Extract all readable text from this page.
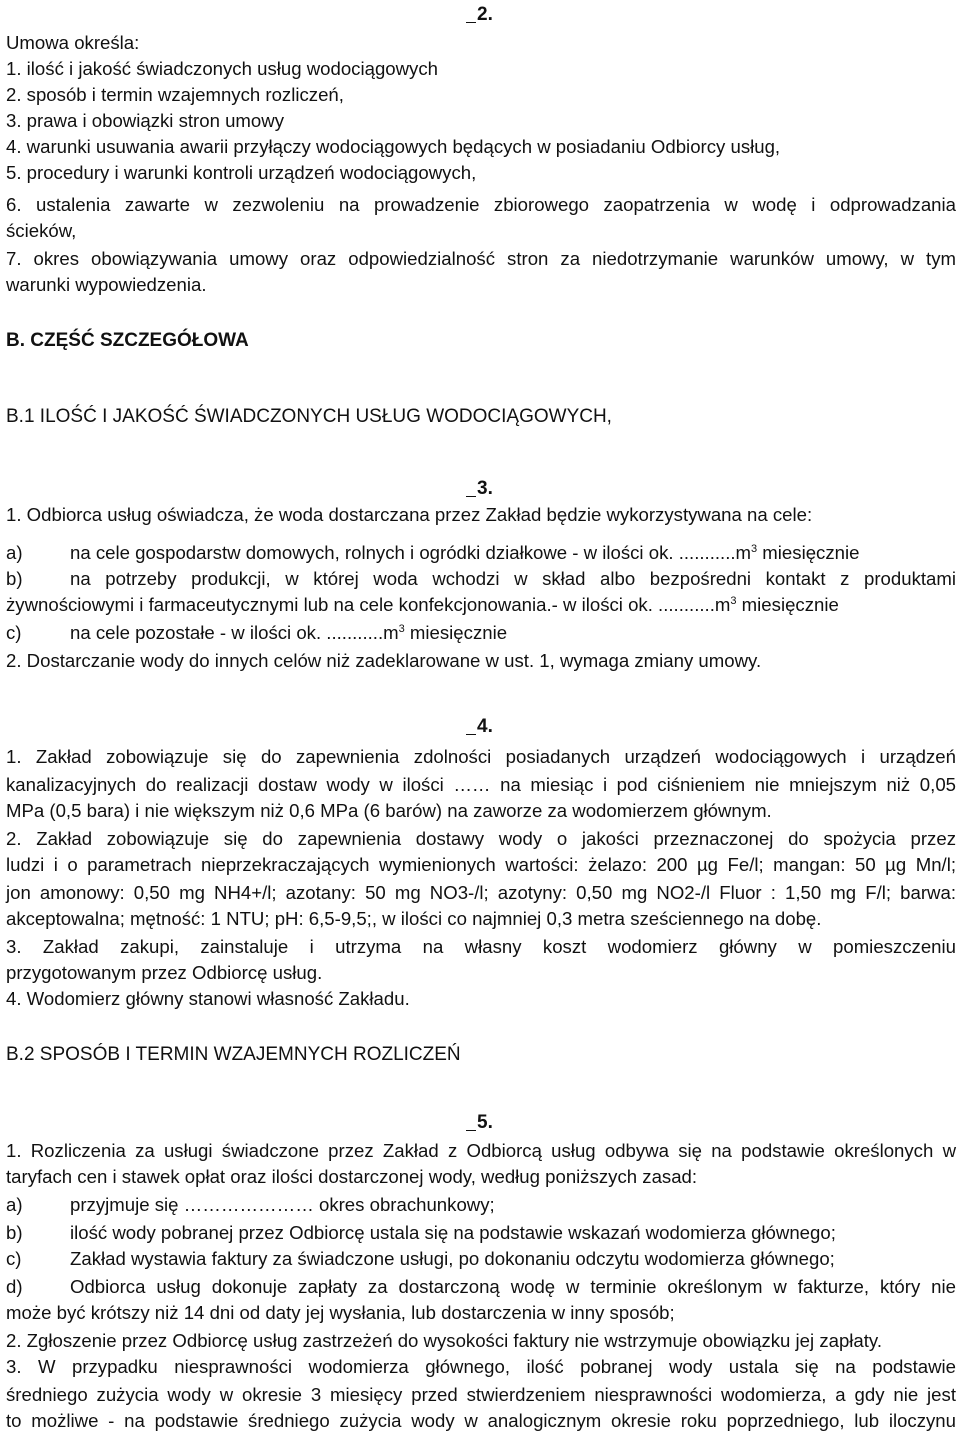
2.
Umowa określa:
1. ilość i jakość świadczonych usług wodociągowych
2. sposób i termin wzajemnych rozliczeń,
3. prawa i obowiązki stron umowy
4. warunki usuwania awarii przyłączy wodociągowych będących w posiadaniu Odbiorcy usług,
5. procedury i warunki kontroli urządzeń wodociągowych,
6. ustalenia zawarte w zezwoleniu na prowadzenie zbiorowego zaopatrzenia w wodę i odprowadzania
ścieków,
7. okres obowiązywania umowy oraz odpowiedzialność stron za niedotrzymanie warunków umowy, w tym
warunki wypowiedzenia.
B. CZĘŚĆ SZCZEGÓŁOWA
B.1 ILOŚĆ I JAKOŚĆ ŚWIADCZONYCH USŁUG WODOCIĄGOWYCH,
3.
1. Odbiorca usług oświadcza, że woda dostarczana przez Zakład będzie wykorzystywana na cele:
a)	na cele gospodarstw domowych, rolnych i ogródki działkowe - w ilości ok. $...........m^3$ miesięcznie
b)	na potrzeby produkcji, w której woda wchodzi w skład albo bezpośredni kontakt z produktami
żywnościowymi i farmaceutycznymi lub na cele konfekcjonowania.- w ilości ok. $...........m^3$ miesięcznie
c)	na cele pozostałe - w ilości ok. $...........m^3$ miesięcznie
2. Dostarczanie wody do innych celów niż zadeklarowane w ust. 1, wymaga zmiany umowy.
4.
1. Zakład zobowiązuje się do zapewnienia zdolności posiadanych urządzeń wodociągowych i urządzeń
kanalizacyjnych do realizacji dostaw wody w ilości …… na miesiąc i pod ciśnieniem nie mniejszym niż 0,05
MPa (0,5 bara) i nie większym niż 0,6 MPa (6 barów) na zaworze za wodomierzem głównym.
2. Zakład zobowiązuje się do zapewnienia dostawy wody o jakości przeznaczonej do spożycia przez
ludzi i o parametrach nieprzekraczających wymienionych wartości: żelazo: 200 µg Fe/l; mangan: 50 µg Mn/l;
jon amonowy: 0,50 mg NH4+/l; azotany: 50 mg NO3-/l; azotyny: 0,50 mg NO2-/l Fluor : 1,50 mg F/l; barwa:
akceptowalna; mętność: 1 NTU; pH: 6,5-9,5;, w ilości co najmniej 0,3 metra sześciennego na dobę.
3. Zakład zakupi, zainstaluje i utrzyma na własny koszt wodomierz główny w pomieszczeniu
przygotowanym przez Odbiorcę usług.
4. Wodomierz główny stanowi własność Zakładu.
B.2 SPOSÓB I TERMIN WZAJEMNYCH ROZLICZEŃ
5.
1. Rozliczenia za usługi świadczone przez Zakład z Odbiorcą usług odbywa się na podstawie określonych w
taryfach cen i stawek opłat oraz ilości dostarczonej wody, według poniższych zasad:
a)	przyjmuje się ………………… okres obrachunkowy;
b)	ilość wody pobranej przez Odbiorcę ustala się na podstawie wskazań wodomierza głównego;
c)	Zakład wystawia faktury za świadczone usługi, po dokonaniu odczytu wodomierza głównego;
d)	Odbiorca usług dokonuje zapłaty za dostarczoną wodę w terminie określonym w fakturze, który nie
może być krótszy niż 14 dni od daty jej wysłania, lub dostarczenia w inny sposób;
2. Zgłoszenie przez Odbiorcę usług zastrzeżeń do wysokości faktury nie wstrzymuje obowiązku jej zapłaty.
3. W przypadku niesprawności wodomierza głównego, ilość pobranej wody ustala się na podstawie
średniego zużycia wody w okresie 3 miesięcy przed stwierdzeniem niesprawności wodomierza, a gdy nie jest
to możliwe - na podstawie średniego zużycia wody w analogicznym okresie roku poprzedniego, lub iloczynu
